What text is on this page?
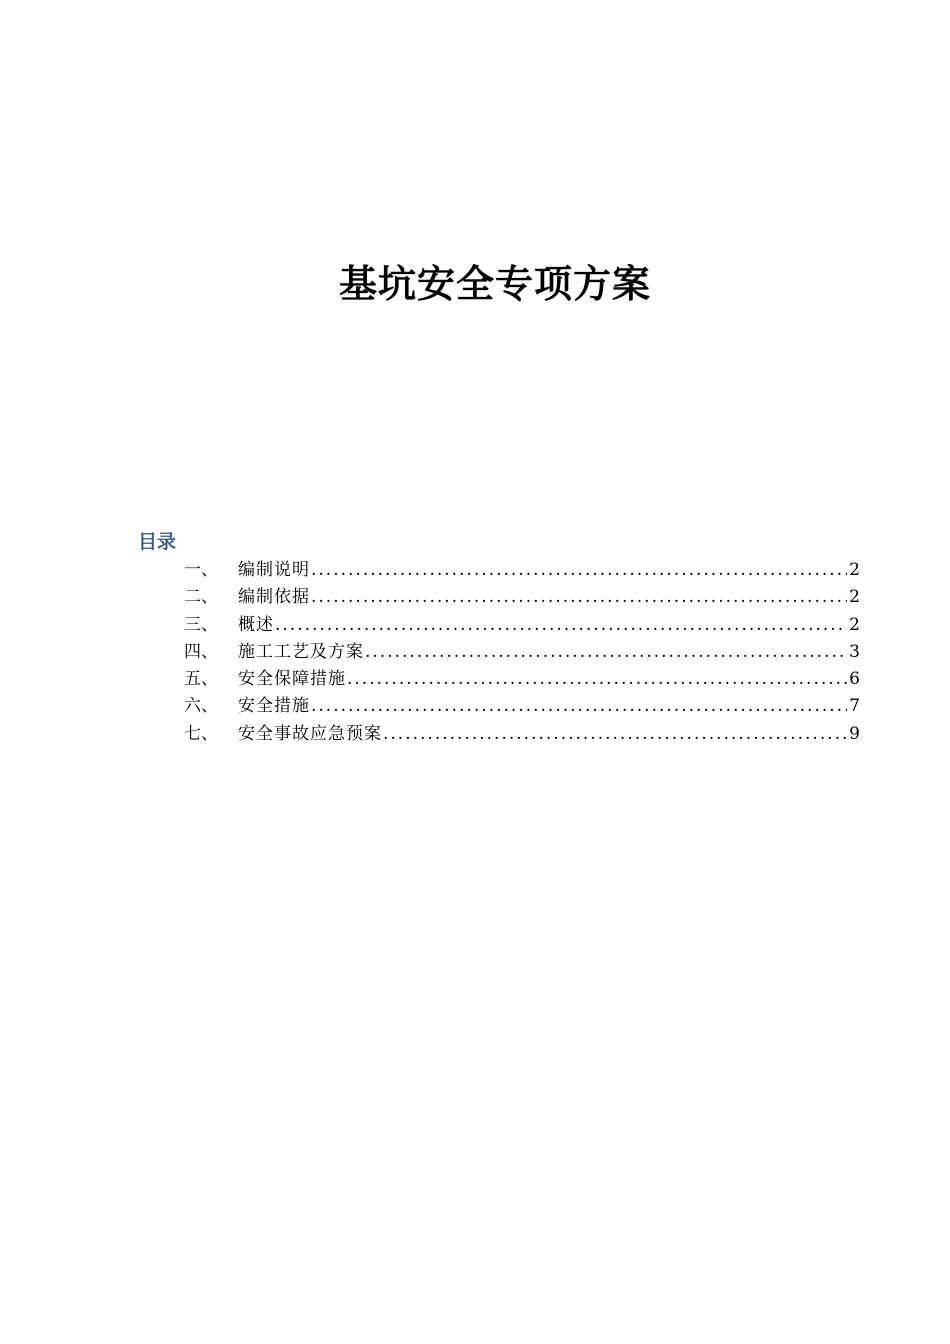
基坑安全专项方案
目录
一、	编制说明 .....	2
二、	编制依据 .....	2
三、	概述 .....	2
四、	施工工艺及方案 .....	3
五、	安全保障措施 .....	6
六、	安全措施 .....	7
七、	安全事故应急预案 .....	9
